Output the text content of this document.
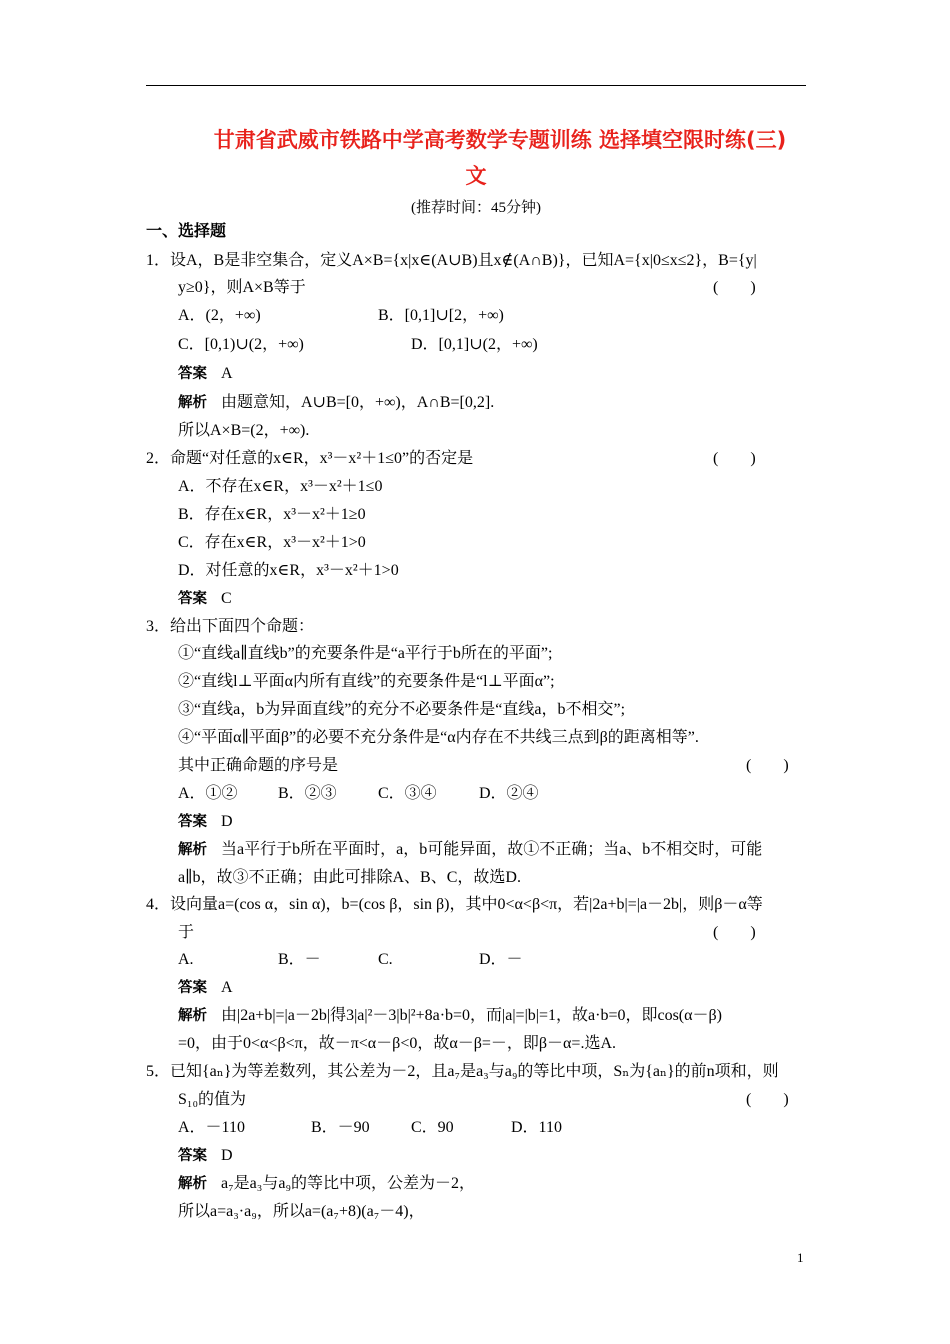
甘肃省武威市铁路中学高考数学专题训练 选择填空限时练(三)
文
(推荐时间：45分钟)
一、选择题
1．设A，B是非空集合，定义A×B={x|x∈(A∪B)且x∉(A∩B)}，已知A={x|0≤x≤2}，B={y|
y≥0}，则A×B等于	(　　)
A．(2，+∞)	B．[0,1]∪[2，+∞)
C．[0,1)∪(2，+∞)	D．[0,1]∪(2，+∞)
答案 A
解析 由题意知，A∪B=[0，+∞)，A∩B=[0,2].
所以A×B=(2，+∞).
2．命题“对任意的x∈R，x³－x²＋1≤0”的否定是	(　　)
A．不存在x∈R，x³－x²＋1≤0
B．存在x∈R，x³－x²＋1≥0
C．存在x∈R，x³－x²＋1>0
D．对任意的x∈R，x³－x²＋1>0
答案 C
3．给出下面四个命题：
①“直线a∥直线b”的充要条件是“a平行于b所在的平面”;
②“直线l⊥平面α内所有直线”的充要条件是“l⊥平面α”;
③“直线a，b为异面直线”的充分不必要条件是“直线a，b不相交”;
④“平面α∥平面β”的必要不充分条件是“α内存在不共线三点到β的距离相等”.
其中正确命题的序号是	(　　)
A．①②	B．②③	C．③④	D．②④
答案 D
解析 当a平行于b所在平面时，a，b可能异面，故①不正确；当a、b不相交时，可能
a∥b，故③不正确；由此可排除A、B、C，故选D.
4．设向量a=(cos α，sin α)，b=(cos β，sin β)，其中0<α<β<π，若|2a+b|=|a－2b|，则β－α等
于	(　　)
A.	B．－	C.	D．－
答案 A
解析 由|2a+b|=|a－2b|得3|a|²－3|b|²+8a·b=0，而|a|=|b|=1，故a·b=0，即cos(α－β)
=0，由于0<α<β<π，故－π<α－β<0，故α－β=－，即β－α=.选A.
5．已知{aₙ}为等差数列，其公差为－2，且a₇是a₃与a₉的等比中项，Sₙ为{aₙ}的前n项和，则
S₁₀的值为	(　　)
A．－110	B．－90	C．90	D．110
答案 D
解析 a₇是a₃与a₉的等比中项，公差为－2，
所以a=a₃·a₉，所以a=(a₇+8)(a₇－4)，
1
